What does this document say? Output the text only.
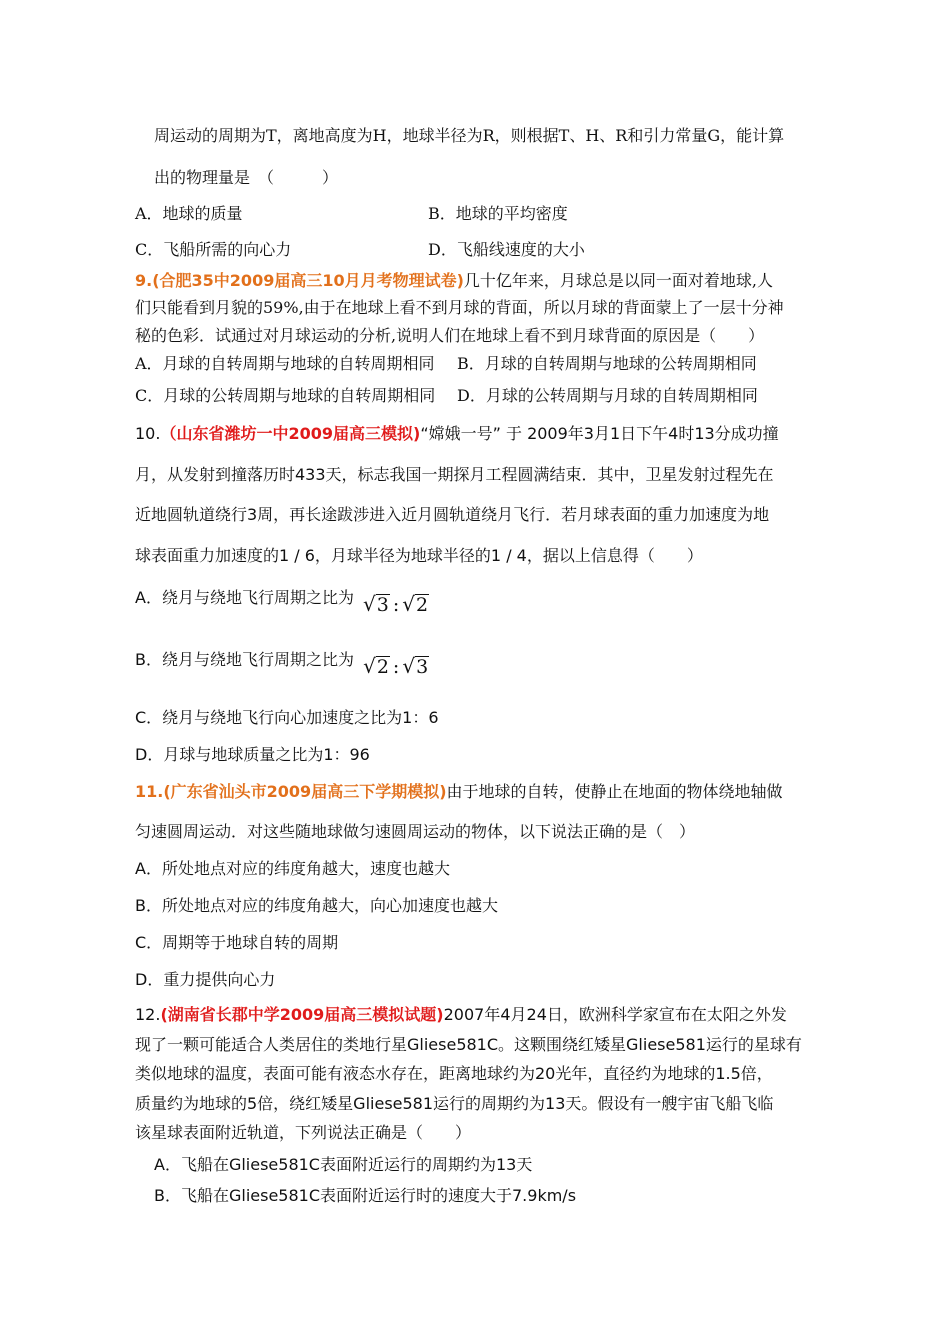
周运动的周期为T，离地高度为H，地球半径为R，则根据T、H、R和引力常量G，能计算
出的物理量是　（　　　）
A．地球的质量	B．地球的平均密度
C．飞船所需的向心力	D．飞船线速度的大小
9.(合肥35中2009届高三10月月考物理试卷)几十亿年来，月球总是以同一面对着地球,人
们只能看到月貌的59%,由于在地球上看不到月球的背面，所以月球的背面蒙上了一层十分神
秘的色彩．试通过对月球运动的分析,说明人们在地球上看不到月球背面的原因是（　　）
A．月球的自转周期与地球的自转周期相同 B．月球的自转周期与地球的公转周期相同
C．月球的公转周期与地球的自转周期相同 D．月球的公转周期与月球的自转周期相同
10.（山东省潍坊一中2009届高三模拟)“嫦娥一号” 于 2009年3月1日下午4时13分成功撞
月，从发射到撞落历时433天，标志我国一期探月工程圆满结束．其中，卫星发射过程先在
近地圆轨道绕行3周，再长途跋涉进入近月圆轨道绕月飞行．若月球表面的重力加速度为地
球表面重力加速度的1 / 6，月球半径为地球半径的1 / 4，据以上信息得（　　）
A．绕月与绕地飞行周期之比为 √3 : √2
B．绕月与绕地飞行周期之比为 √2 : √3
C．绕月与绕地飞行向心加速度之比为1：6
D．月球与地球质量之比为1：96
11.(广东省汕头市2009届高三下学期模拟)由于地球的自转，使静止在地面的物体绕地轴做
匀速圆周运动．对这些随地球做匀速圆周运动的物体，以下说法正确的是（　）
A．所处地点对应的纬度角越大，速度也越大
B．所处地点对应的纬度角越大，向心加速度也越大
C．周期等于地球自转的周期
D．重力提供向心力
12.(湖南省长郡中学2009届高三模拟试题)2007年4月24日，欧洲科学家宣布在太阳之外发
现了一颗可能适合人类居住的类地行星Gliese581C。这颗围绕红矮星Gliese581运行的星球有
类似地球的温度，表面可能有液态水存在，距离地球约为20光年，直径约为地球的1.5倍，
质量约为地球的5倍，绕红矮星Gliese581运行的周期约为13天。假设有一艘宇宙飞船飞临
该星球表面附近轨道，下列说法正确是（　　）
A．飞船在Gliese581C表面附近运行的周期约为13天
B．飞船在Gliese581C表面附近运行时的速度大于7.9km/s
